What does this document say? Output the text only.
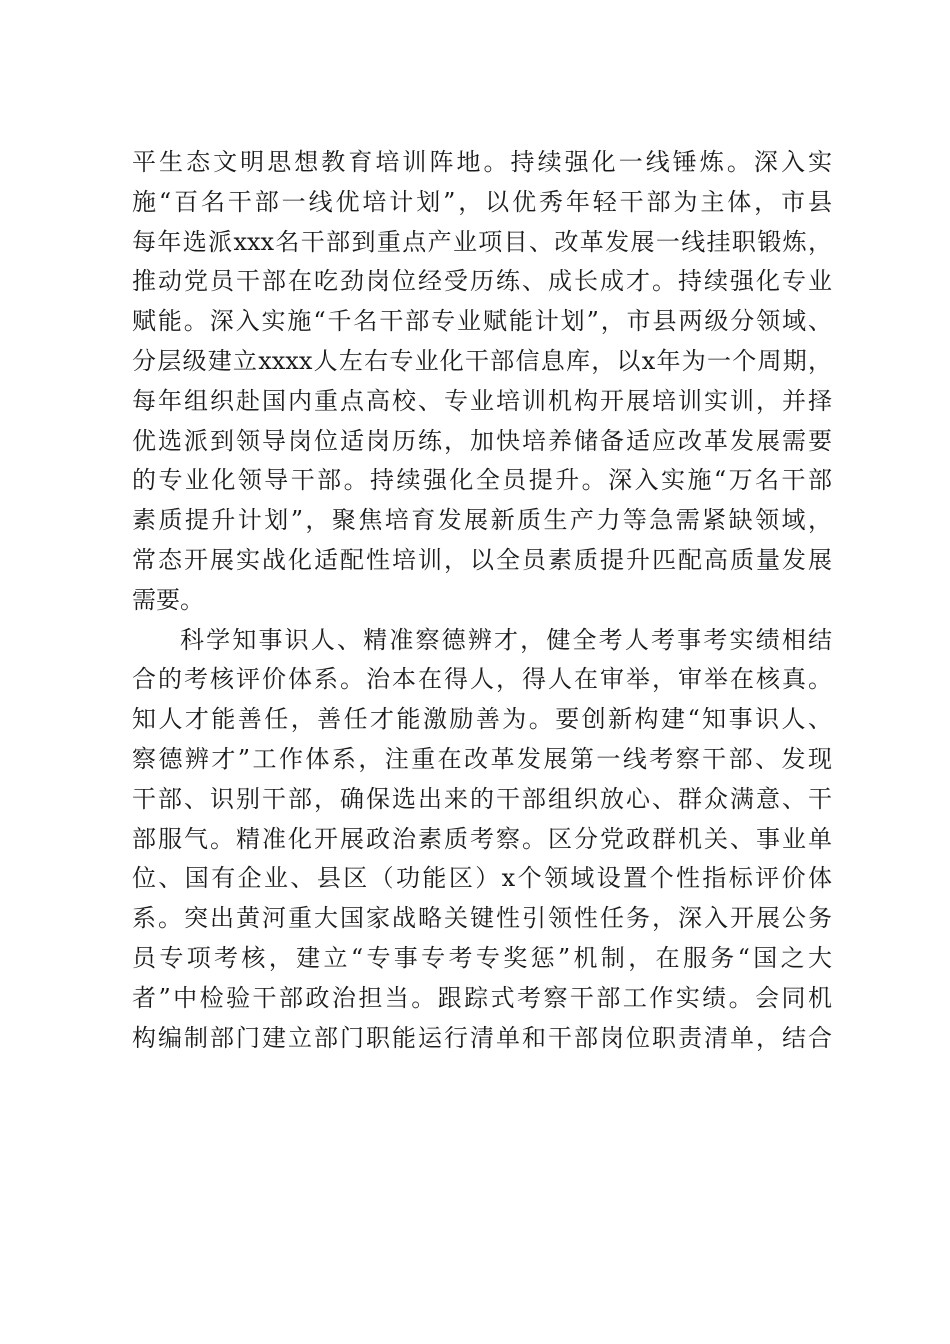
平生态文明思想教育培训阵地。持续强化一线锤炼。深入实
施“百名干部一线优培计划”，以优秀年轻干部为主体，市县
每年选派xxx名干部到重点产业项目、改革发展一线挂职锻炼，
推动党员干部在吃劲岗位经受历练、成长成才。持续强化专业
赋能。深入实施“千名干部专业赋能计划”，市县两级分领域、
分层级建立xxxx人左右专业化干部信息库，以x年为一个周期，
每年组织赴国内重点高校、专业培训机构开展培训实训，并择
优选派到领导岗位适岗历练，加快培养储备适应改革发展需要
的专业化领导干部。持续强化全员提升。深入实施“万名干部
素质提升计划”，聚焦培育发展新质生产力等急需紧缺领域，
常态开展实战化适配性培训，以全员素质提升匹配高质量发展
需要。
科学知事识人、精准察德辨才，健全考人考事考实绩相结
合的考核评价体系。治本在得人，得人在审举，审举在核真。
知人才能善任，善任才能激励善为。要创新构建“知事识人、
察德辨才”工作体系，注重在改革发展第一线考察干部、发现
干部、识别干部，确保选出来的干部组织放心、群众满意、干
部服气。精准化开展政治素质考察。区分党政群机关、事业单
位、国有企业、县区（功能区）x个领域设置个性指标评价体
系。突出黄河重大国家战略关键性引领性任务，深入开展公务
员专项考核，建立“专事专考专奖惩”机制，在服务“国之大
者”中检验干部政治担当。跟踪式考察干部工作实绩。会同机
构编制部门建立部门职能运行清单和干部岗位职责清单，结合
